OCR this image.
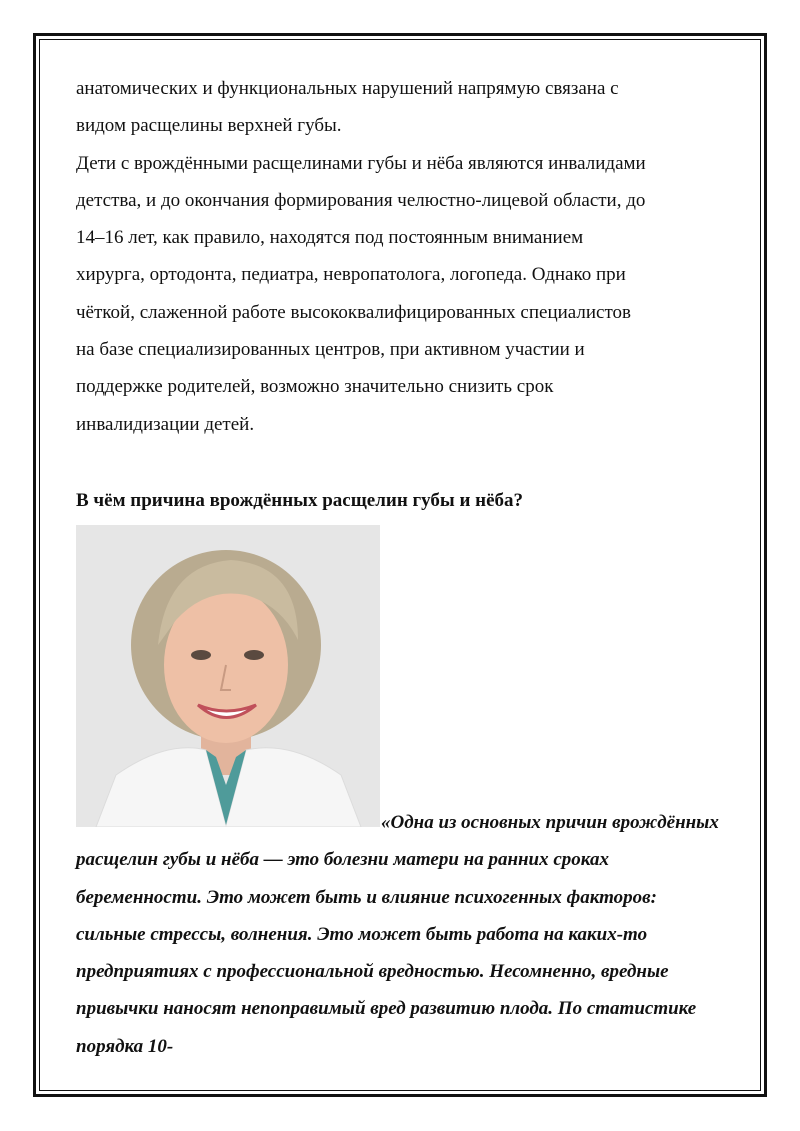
анатомических и функциональных нарушений напрямую связана с

видом расщелины верхней губы.

Дети с врождёнными расщелинами губы и нёба являются инвалидами

детства, и до окончания формирования челюстно-лицевой области, до

14–16 лет, как правило, находятся под постоянным вниманием

хирурга, ортодонта, педиатра, невропатолога, логопеда. Однако при

чёткой, слаженной работе высококвалифицированных специалистов

на базе специализированных центров, при активном участии и

поддержке родителей, возможно значительно снизить срок

инвалидизации детей.

В чём причина врождённых расщелин губы и нёба?

«Одна из основных причин врождённых расщелин губы и нёба — это болезни матери на ранних сроках беременности. Это может быть и влияние психогенных факторов: сильные стрессы, волнения. Это может быть работа на каких-то предприятиях с профессиональной вредностью. Несомненно, вредные привычки наносят непоправимый вред развитию плода. По статистике порядка 10-
